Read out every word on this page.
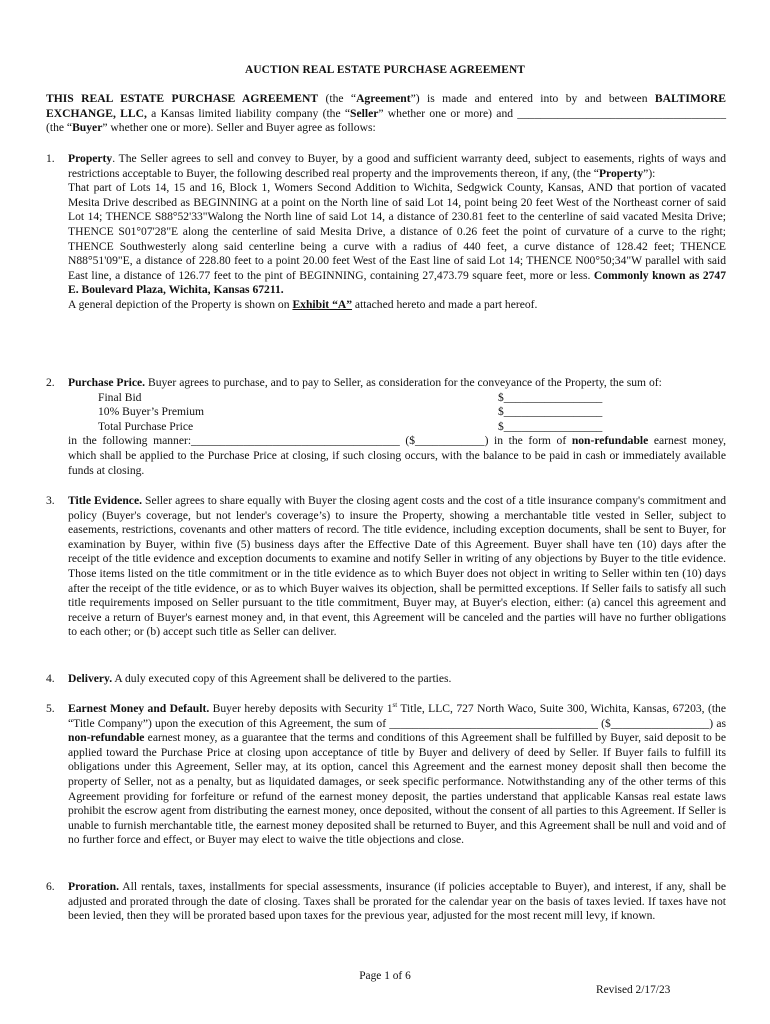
AUCTION REAL ESTATE PURCHASE AGREEMENT
THIS REAL ESTATE PURCHASE AGREEMENT (the “Agreement”) is made and entered into by and between BALTIMORE EXCHANGE, LLC, a Kansas limited liability company (the “Seller” whether one or more) and ____________________________________ (the “Buyer” whether one or more). Seller and Buyer agree as follows:
1.	Property. The Seller agrees to sell and convey to Buyer, by a good and sufficient warranty deed, subject to easements, rights of ways and restrictions acceptable to Buyer, the following described real property and the improvements thereon, if any, (the “Property”):

That part of Lots 14, 15 and 16, Block 1, Womers Second Addition to Wichita, Sedgwick County, Kansas, AND that portion of vacated Mesita Drive described as BEGINNING at a point on the North line of said Lot 14, point being 20 feet West of the Northeast corner of said Lot 14; THENCE S88°52'33"Walong the North line of said Lot 14, a distance of 230.81 feet to the centerline of said vacated Mesita Drive; THENCE S01°07'28"E along the centerline of said Mesita Drive, a distance of 0.26 feet the point of curvature of a curve to the right; THENCE Southwesterly along said centerline being a curve with a radius of 440 feet, a curve distance of 128.42 feet; THENCE N88°51'09"E, a distance of 228.80 feet to a point 20.00 feet West of the East line of said Lot 14; THENCE N00°50;34"W parallel with said East line, a distance of 126.77 feet to the pint of BEGINNING, containing 27,473.79 square feet, more or less. Commonly known as 2747 E. Boulevard Plaza, Wichita, Kansas 67211.

A general depiction of the Property is shown on Exhibit “A” attached hereto and made a part hereof.

2.	Purchase Price. Buyer agrees to purchase, and to pay to Seller, as consideration for the conveyance of the Property, the sum of:

Final Bid	$_________________
10% Buyer’s Premium	$_________________
Total Purchase Price	$_________________

in the following manner:____________________________________ ($____________) in the form of non-refundable earnest money, which shall be applied to the Purchase Price at closing, if such closing occurs, with the balance to be paid in cash or immediately available funds at closing.

3.	Title Evidence. Seller agrees to share equally with Buyer the closing agent costs and the cost of a title insurance company's commitment and policy (Buyer's coverage, but not lender's coverage’s) to insure the Property, showing a merchantable title vested in Seller, subject to easements, restrictions, covenants and other matters of record. The title evidence, including exception documents, shall be sent to Buyer, for examination by Buyer, within five (5) business days after the Effective Date of this Agreement. Buyer shall have ten (10) days after the receipt of the title evidence and exception documents to examine and notify Seller in writing of any objections by Buyer to the title evidence. Those items listed on the title commitment or in the title evidence as to which Buyer does not object in writing to Seller within ten (10) days after the receipt of the title evidence, or as to which Buyer waives its objection, shall be permitted exceptions. If Seller fails to satisfy all such title requirements imposed on Seller pursuant to the title commitment, Buyer may, at Buyer's election, either: (a) cancel this agreement and receive a return of Buyer's earnest money and, in that event, this Agreement will be canceled and the parties will have no further obligations to each other; or (b) accept such title as Seller can deliver.

4.	Delivery. A duly executed copy of this Agreement shall be delivered to the parties.

5.	Earnest Money and Default. Buyer hereby deposits with Security 1st Title, LLC, 727 North Waco, Suite 300, Wichita, Kansas, 67203, (the “Title Company”) upon the execution of this Agreement, the sum of ____________________________________ ($_________________) as non-refundable earnest money, as a guarantee that the terms and conditions of this Agreement shall be fulfilled by Buyer, said deposit to be applied toward the Purchase Price at closing upon acceptance of title by Buyer and delivery of deed by Seller. If Buyer fails to fulfill its obligations under this Agreement, Seller may, at its option, cancel this Agreement and the earnest money deposit shall then become the property of Seller, not as a penalty, but as liquidated damages, or seek specific performance. Notwithstanding any of the other terms of this Agreement providing for forfeiture or refund of the earnest money deposit, the parties understand that applicable Kansas real estate laws prohibit the escrow agent from distributing the earnest money, once deposited, without the consent of all parties to this Agreement. If Seller is unable to furnish merchantable title, the earnest money deposited shall be returned to Buyer, and this Agreement shall be null and void and of no further force and effect, or Buyer may elect to waive the title objections and close.

6.	Proration. All rentals, taxes, installments for special assessments, insurance (if policies acceptable to Buyer), and interest, if any, shall be adjusted and prorated through the date of closing. Taxes shall be prorated for the calendar year on the basis of taxes levied. If taxes have not been levied, then they will be prorated based upon taxes for the previous year, adjusted for the most recent mill levy, if known.

Page 1 of 6
Revised 2/17/23
